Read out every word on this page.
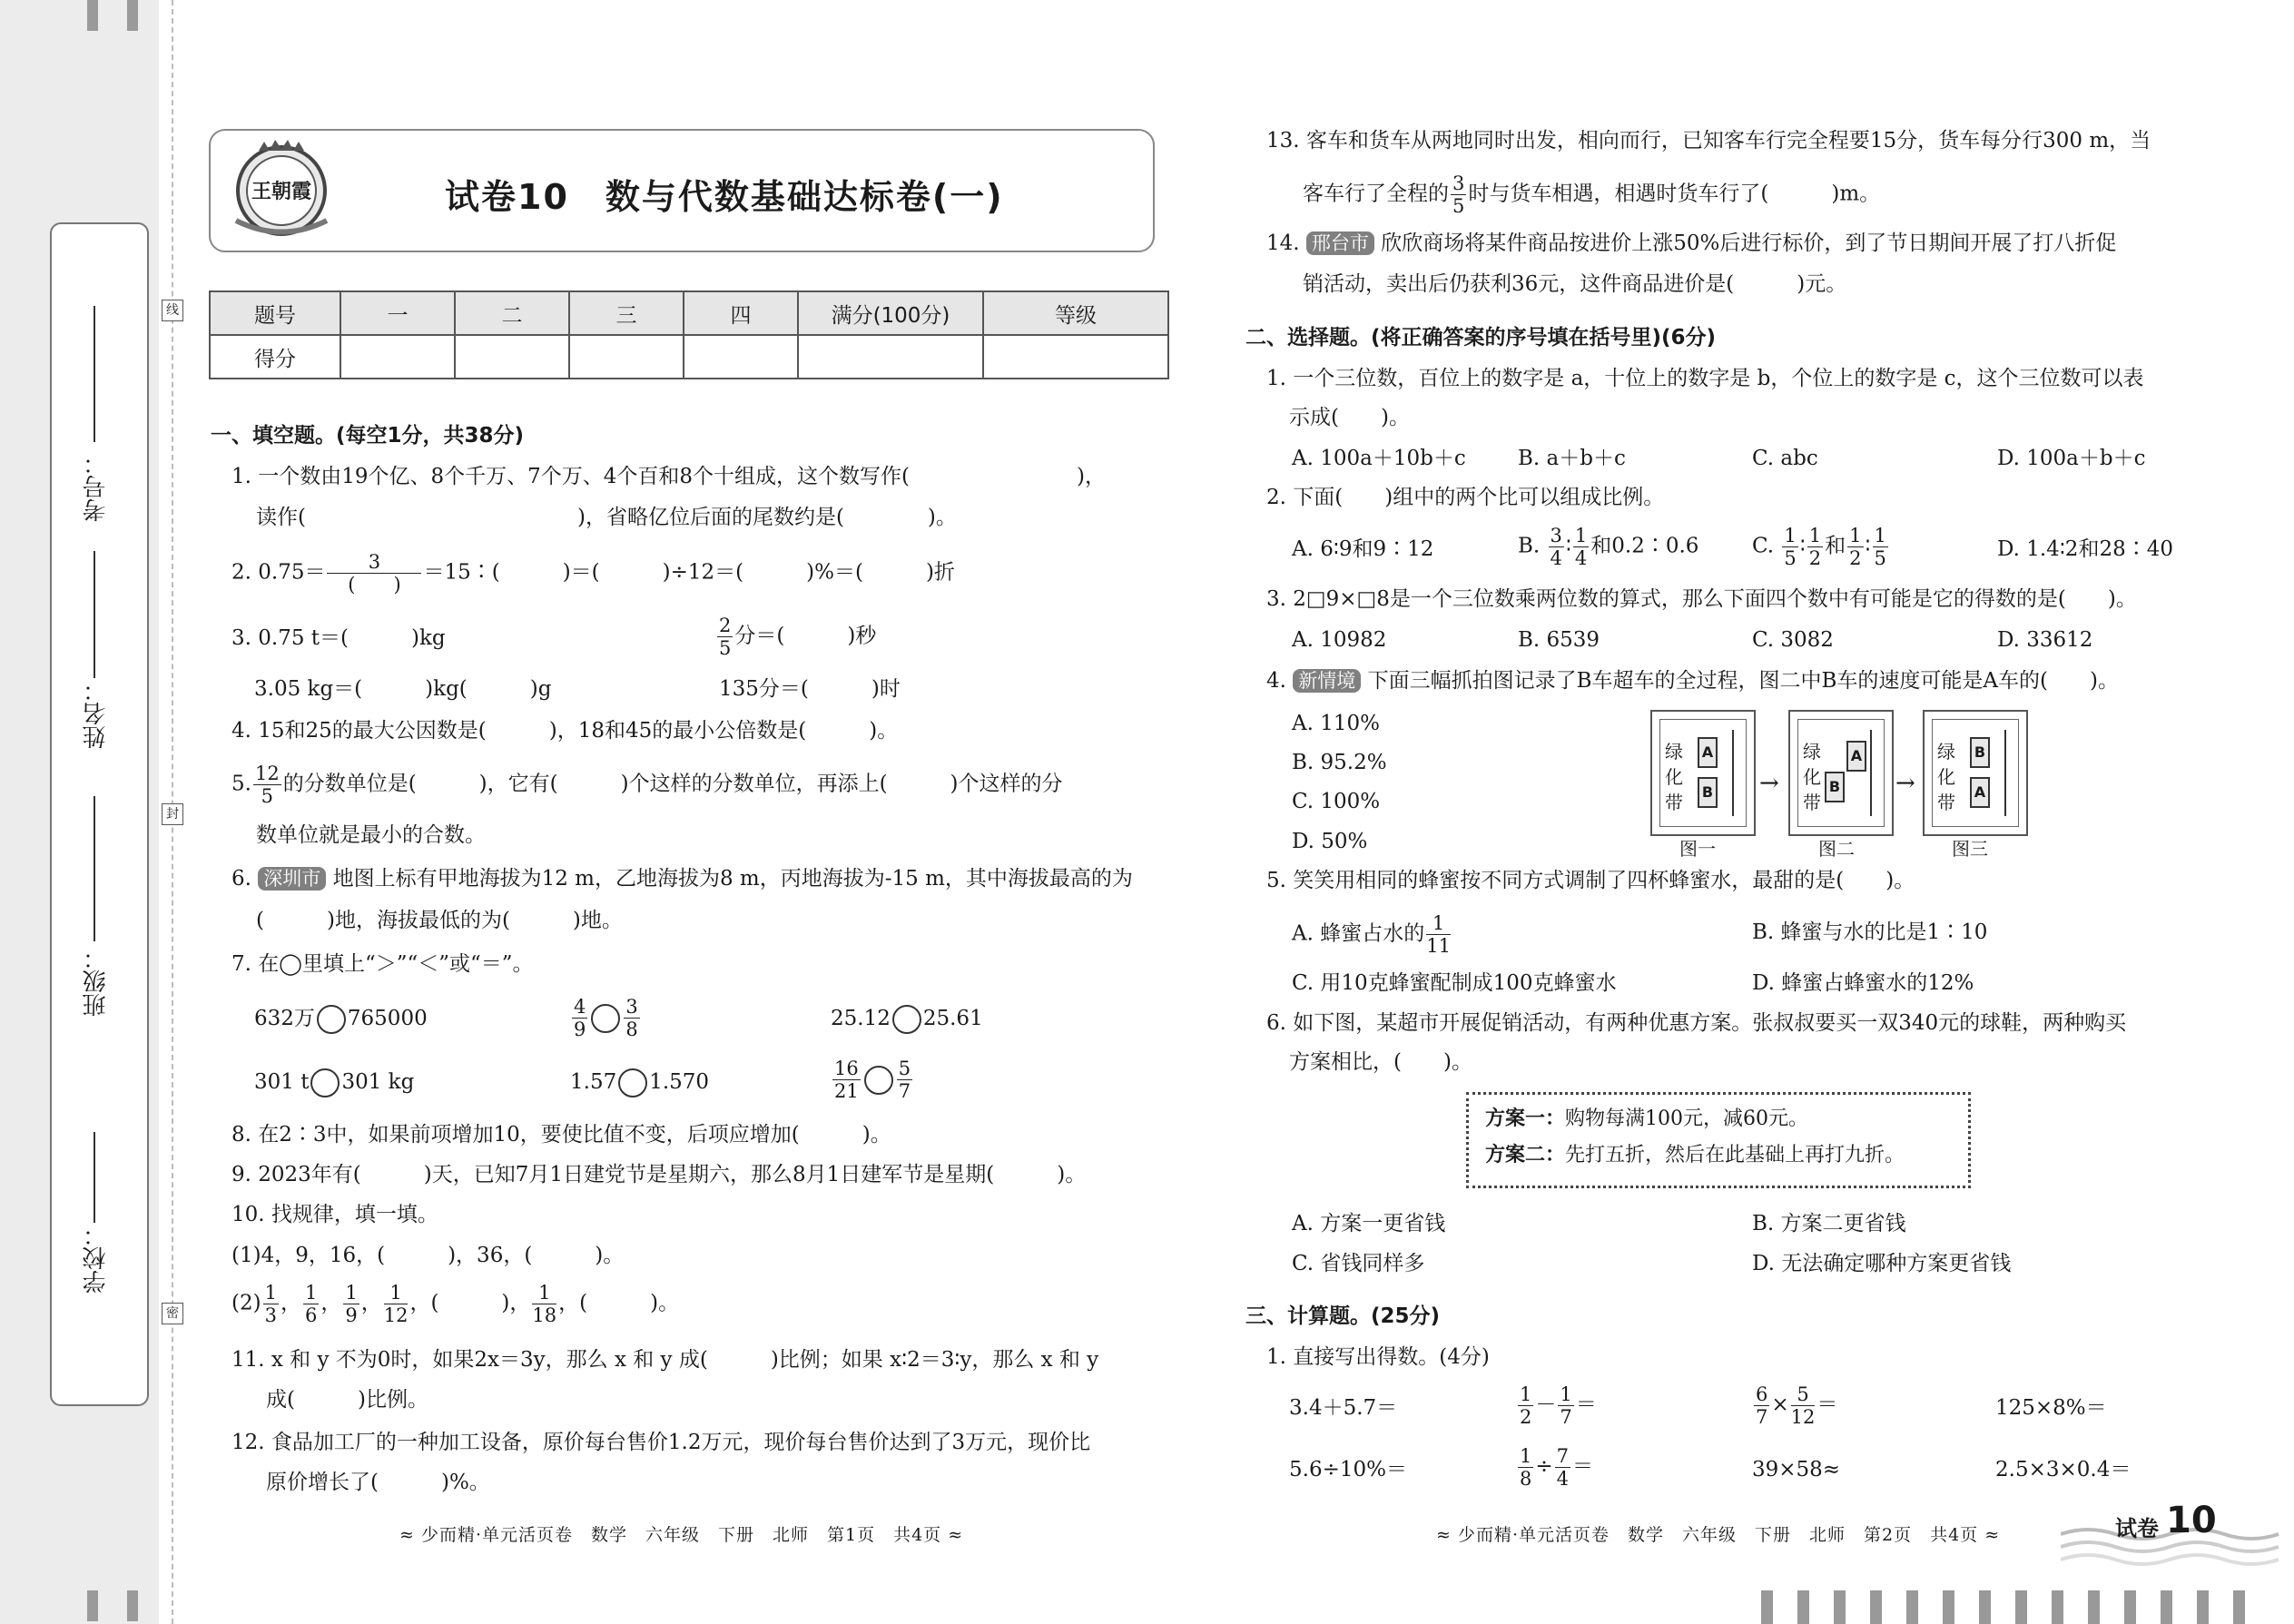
学校：
班级：
姓名：
考号：
线
封
密
王朝霞	试卷10　数与代数基础达标卷(一)
题号	一	二	三	四	满分(100分)	等级
得分						
一、填空题。(每空1分，共38分)
1. 一个数由19个亿、8个千万、7个万、4个百和8个十组成，这个数写作(　　　　　　　　)，
读作(　　　　　　　　　　　　　)，省略亿位后面的尾数约是(　　　　)。
2. $0.75= \frac{3}{( )}$ ＝15∶(　　　)＝(　　　)÷12＝(　　　)%＝(　　　)折
3. 0.75 t＝(　　　)kg	$\frac{2}{5}$ 分＝(　　　)秒
3.05 kg＝(　　　)kg(　　　)g	135分＝(　　　)时
4. 15和25的最大公因数是(　　　)，18和45的最小公倍数是(　　　)。
5. $\frac{12}{5}$ 的分数单位是(　　　)，它有(　　　)个这样的分数单位，再添上(　　　)个这样的分
数单位就是最小的合数。
6. 深圳市 地图上标有甲地海拔为12 m，乙地海拔为8 m，丙地海拔为-15 m，其中海拔最高的为
(　　　)地，海拔最低的为(　　　)地。
7. 在◯里填上“＞”“＜”或“＝”。
632万 765000	$\frac{4}{9} \frac{3}{8}$	25.12 25.61
301 t 301 kg	1.57 1.570	$\frac{16}{21} \frac{5}{7}$
8. 在2∶3中，如果前项增加10，要使比值不变，后项应增加(　　　)。
9. 2023年有(　　　)天，已知7月1日建党节是星期六，那么8月1日建军节是星期(　　　)。
10. 找规律，填一填。
(1)4，9，16，(　　　)，36，(　　　)。
$(2) \frac{1}{3}$ ， $\frac{1}{6}$ ， $\frac{1}{9}$ ， $\frac{1}{12}$ ，(　　　)， $\frac{1}{18}$ ，(　　　)。
11. x 和 y 不为0时，如果2x＝3y，那么 x 和 y 成(　　　)比例；如果 x∶2＝3∶y，那么 x 和 y
成(　　　)比例。
12. 食品加工厂的一种加工设备，原价每台售价1.2万元，现价每台售价达到了3万元，现价比
原价增长了(　　　)%。
≈ 少而精·单元活页卷　数学　六年级　下册　北师　第1页　共4页 ≈
13. 客车和货车从两地同时出发，相向而行，已知客车行完全程要15分，货车每分行300 m，当
客车行了全程的 $\frac{3}{5}$ 时与货车相遇，相遇时货车行了(　　　)m。
14. 邢台市 欣欣商场将某件商品按进价上涨50%后进行标价，到了节日期间开展了打八折促
销活动，卖出后仍获利36元，这件商品进价是(　　　)元。
二、选择题。(将正确答案的序号填在括号里)(6分)
1. 一个三位数，百位上的数字是 a，十位上的数字是 b，个位上的数字是 c，这个三位数可以表
示成(　　)。
A. 100a＋10b＋c B. a＋b＋c	C. abc	D. 100a＋b＋c
2. 下面(　　)组中的两个比可以组成比例。
A. 6∶9和9∶12	B. $\frac{3}{4}$ ∶ $\frac{1}{4}$ 和0.2∶0.6	C. $\frac{1}{5}$ ∶ $\frac{1}{2}$ 和 $\frac{1}{2}$ ∶ $\frac{1}{5}$	D. 1.4∶2和28∶40
3. 2□9×□8是一个三位数乘两位数的算式，那么下面四个数中有可能是它的得数的是(　　)。
A. 10982	B. 6539	C. 3082	D. 33612
4. 新情境 下面三幅抓拍图记录了B车超车的全过程，图二中B车的速度可能是A车的(　　)。
A. 110%
B. 95.2%
C. 100%
D. 50%
绿化带
A
B
图一
→
绿化带
A
B
图二
→
绿化带
B
A
图三
5. 笑笑用相同的蜂蜜按不同方式调制了四杯蜂蜜水，最甜的是(　　)。
A. 蜂蜜占水的 $\frac{1}{11}$	B. 蜂蜜与水的比是1∶10
C. 用10克蜂蜜配制成100克蜂蜜水	D. 蜂蜜占蜂蜜水的12%
6. 如下图，某超市开展促销活动，有两种优惠方案。张叔叔要买一双340元的球鞋，两种购买
方案相比，(　　)。
方案一：购物每满100元，减60元。
方案二：先打五折，然后在此基础上再打九折。
A. 方案一更省钱	B. 方案二更省钱
C. 省钱同样多	D. 无法确定哪种方案更省钱
三、计算题。(25分)
1. 直接写出得数。(4分)
3.4＋5.7＝	$\frac{1}{2} - \frac{1}{7}$ ＝	$\frac{6}{7} \times \frac{5}{12}$ ＝	125×8%＝
5.6÷10%＝	$\frac{1}{8} \div \frac{7}{4}$ ＝	39×58≈	2.5×3×0.4＝
≈ 少而精·单元活页卷　数学　六年级　下册　北师　第2页　共4页 ≈	试卷 10
